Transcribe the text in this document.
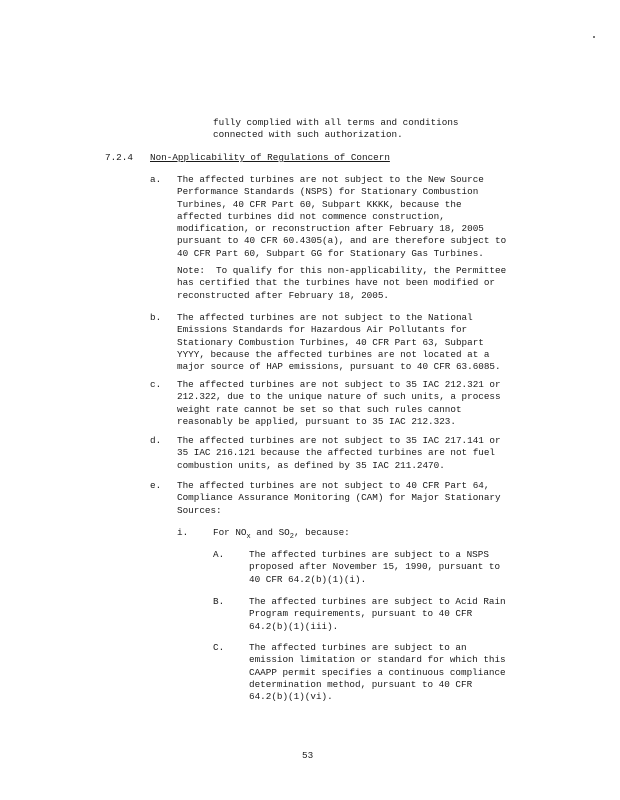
fully complied with all terms and conditions
connected with such authorization.
7.2.4 Non-Applicability of Regulations of Concern
a. The affected turbines are not subject to the New Source
Performance Standards (NSPS) for Stationary Combustion
Turbines, 40 CFR Part 60, Subpart KKKK, because the
affected turbines did not commence construction,
modification, or reconstruction after February 18, 2005
pursuant to 40 CFR 60.4305(a), and are therefore subject to
40 CFR Part 60, Subpart GG for Stationary Gas Turbines.
Note:  To qualify for this non-applicability, the Permittee
has certified that the turbines have not been modified or
reconstructed after February 18, 2005.
b. The affected turbines are not subject to the National
Emissions Standards for Hazardous Air Pollutants for
Stationary Combustion Turbines, 40 CFR Part 63, Subpart
YYYY, because the affected turbines are not located at a
major source of HAP emissions, pursuant to 40 CFR 63.6085.
c. The affected turbines are not subject to 35 IAC 212.321 or
212.322, due to the unique nature of such units, a process
weight rate cannot be set so that such rules cannot
reasonably be applied, pursuant to 35 IAC 212.323.
d. The affected turbines are not subject to 35 IAC 217.141 or
35 IAC 216.121 because the affected turbines are not fuel
combustion units, as defined by 35 IAC 211.2470.
e. The affected turbines are not subject to 40 CFR Part 64,
Compliance Assurance Monitoring (CAM) for Major Stationary
Sources:
i.	For $NO_x$ and $SO_2$, because:
A.	The affected turbines are subject to a NSPS
proposed after November 15, 1990, pursuant to
40 CFR 64.2(b)(1)(i).
B.	The affected turbines are subject to Acid Rain
Program requirements, pursuant to 40 CFR
64.2(b)(1)(iii).
C.	The affected turbines are subject to an
emission limitation or standard for which this
CAAPP permit specifies a continuous compliance
determination method, pursuant to 40 CFR
64.2(b)(1)(vi).
53
